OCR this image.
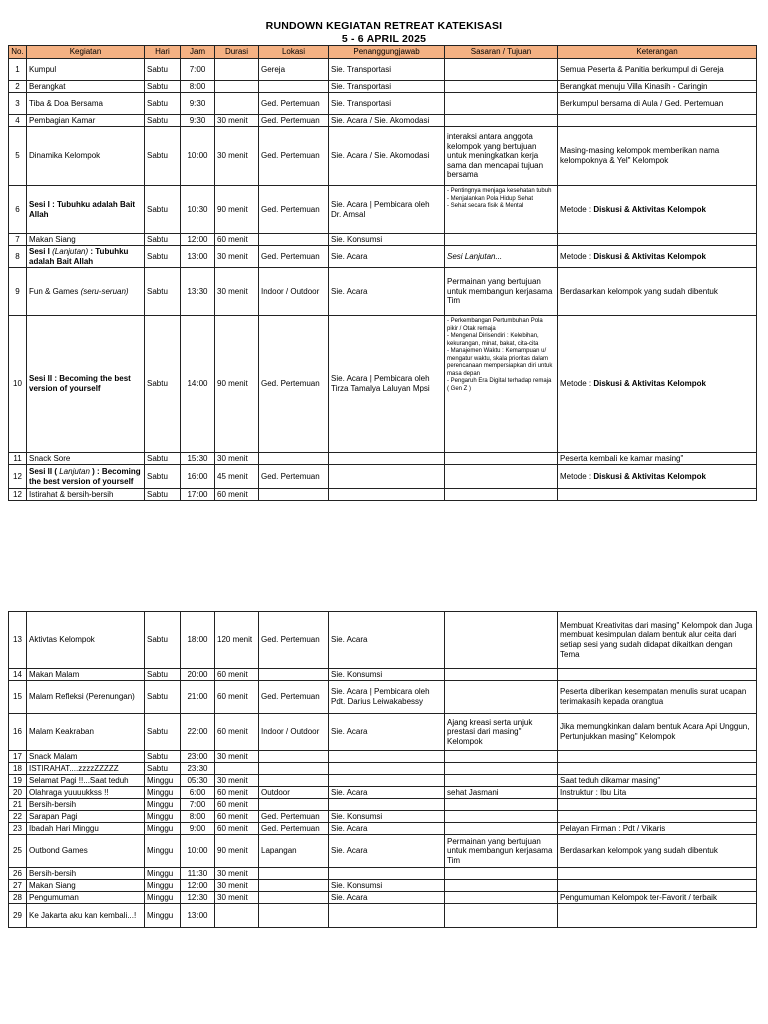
RUNDOWN KEGIATAN RETREAT KATEKISASI
5 - 6 APRIL 2025
No.	Kegiatan	Hari	Jam	Durasi	Lokasi	Penanggungjawab	Sasaran / Tujuan	Keterangan
1	Kumpul	Sabtu	7:00		Gereja	Sie. Transportasi		Semua Peserta & Panitia berkumpul di Gereja
2	Berangkat	Sabtu	8:00			Sie. Transportasi		Berangkat menuju Villa Kinasih - Caringin
3	Tiba & Doa Bersama	Sabtu	9:30		Ged. Pertemuan	Sie. Transportasi		Berkumpul bersama di Aula / Ged. Pertemuan
4	Pembagian Kamar	Sabtu	9:30	30 menit	Ged. Pertemuan	Sie. Acara / Sie. Akomodasi		
5	Dinamika Kelompok	Sabtu	10:00	30 menit	Ged. Pertemuan	Sie. Acara / Sie. Akomodasi	interaksi antara anggota kelompok yang bertujuan untuk meningkatkan kerja sama dan mencapai tujuan bersama	Masing-masing kelompok memberikan nama kelompoknya & Yel" Kelompok
6	Sesi I : Tubuhku adalah Bait Allah	Sabtu	10:30	90 menit	Ged. Pertemuan	Sie. Acara | Pembicara oleh Dr. Amsal	- Pentingnya menjaga kesehatan tubuh
- Menjalankan Pola Hidup Sehat
- Sehat secara fisik & Mental	Metode : Diskusi & Aktivitas Kelompok
7	Makan Siang	Sabtu	12:00	60 menit		Sie. Konsumsi		
8	Sesi I (Lanjutan) : Tubuhku adalah Bait Allah	Sabtu	13:00	30 menit	Ged. Pertemuan	Sie. Acara	Sesi Lanjutan...	Metode : Diskusi & Aktivitas Kelompok
9	Fun & Games (seru-seruan)	Sabtu	13:30	30 menit	Indoor / Outdoor	Sie. Acara	Permainan yang bertujuan untuk membangun kerjasama Tim	Berdasarkan kelompok yang sudah dibentuk
10	Sesi II : Becoming the best version of yourself	Sabtu	14:00	90 menit	Ged. Pertemuan	Sie. Acara | Pembicara oleh Tirza Tamalya Laluyan Mpsi	- Perkembangan Pertumbuhan Pola pikir / Otak remaja
- Mengenal Dirisendiri : Kelebihan, kekurangan, minat, bakat, cita-cita
- Manajemen Waktu : Kemampuan u/ mengatur waktu, skala prioritas dalam perencanaan mempersiapkan diri untuk masa depan
- Pengaruh Era Digital terhadap remaja ( Gen Z )	Metode : Diskusi & Aktivitas Kelompok
11	Snack Sore	Sabtu	15:30	30 menit				Peserta kembali ke kamar masing"
12	Sesi II ( Lanjutan ) : Becoming the best version of yourself	Sabtu	16:00	45 menit	Ged. Pertemuan			Metode : Diskusi & Aktivitas Kelompok
12	Istirahat & bersih-bersih	Sabtu	17:00	60 menit				
13	Aktivtas Kelompok	Sabtu	18:00	120 menit	Ged. Pertemuan	Sie. Acara		Membuat Kreativitas dari masing" Kelompok dan Juga membuat kesimpulan dalam bentuk alur ceita dari setiap sesi yang sudah didapat dikaitkan dengan Tema
14	Makan Malam	Sabtu	20:00	60 menit		Sie. Konsumsi		
15	Malam Refleksi (Perenungan)	Sabtu	21:00	60 menit	Ged. Pertemuan	Sie. Acara | Pembicara oleh Pdt. Darius Leiwakabessy		Peserta diberikan kesempatan menulis surat ucapan terimakasih kepada orangtua
16	Malam Keakraban	Sabtu	22:00	60 menit	Indoor / Outdoor	Sie. Acara	Ajang kreasi serta unjuk prestasi dari masing" Kelompok	Jika memungkinkan dalam bentuk Acara Api Unggun, Pertunjukkan masing" Kelompok
17	Snack Malam	Sabtu	23:00	30 menit				
18	ISTIRAHAT....zzzzZZZZZ	Sabtu	23:30					
19	Selamat Pagi !!...Saat teduh	Minggu	05:30	30 menit				Saat teduh dikamar masing"
20	Olahraga yuuuukkss !!	Minggu	6:00	60 menit	Outdoor	Sie. Acara	sehat Jasmani	Instruktur : Ibu Lita
21	Bersih-bersih	Minggu	7:00	60 menit				
22	Sarapan Pagi	Minggu	8:00	60 menit	Ged. Pertemuan	Sie. Konsumsi		
23	Ibadah Hari Minggu	Minggu	9:00	60 menit	Ged. Pertemuan	Sie. Acara		Pelayan Firman : Pdt / Vikaris
25	Outbond Games	Minggu	10:00	90 menit	Lapangan	Sie. Acara	Permainan yang bertujuan untuk membangun kerjasama Tim	Berdasarkan kelompok yang sudah dibentuk
26	Bersih-bersih	Minggu	11:30	30 menit				
27	Makan Siang	Minggu	12:00	30 menit		Sie. Konsumsi		
28	Pengumuman	Minggu	12:30	30 menit		Sie. Acara		Pengumuman Kelompok ter-Favorit / terbaik
29	Ke Jakarta aku kan kembali...!	Minggu	13:00					
